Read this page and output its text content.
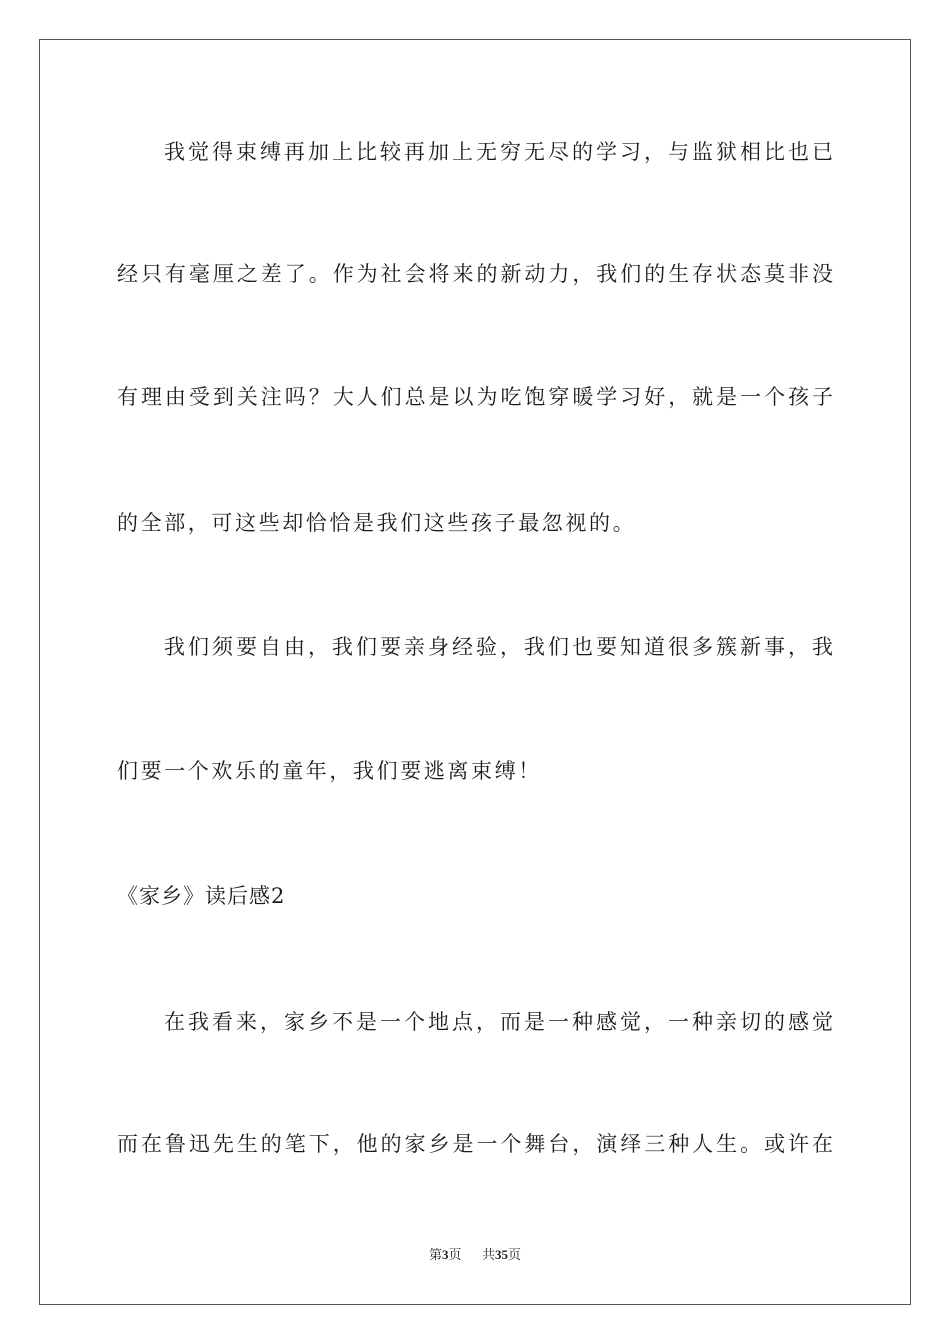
我觉得束缚再加上比较再加上无穷无尽的学习，与监狱相比也已
经只有毫厘之差了。作为社会将来的新动力，我们的生存状态莫非没
有理由受到关注吗？大人们总是以为吃饱穿暖学习好，就是一个孩子
的全部，可这些却恰恰是我们这些孩子最忽视的。
我们须要自由，我们要亲身经验，我们也要知道很多簇新事，我
们要一个欢乐的童年，我们要逃离束缚！
《家乡》读后感2
在我看来，家乡不是一个地点，而是一种感觉，一种亲切的感觉
而在鲁迅先生的笔下，他的家乡是一个舞台，演绎三种人生。或许在
第3页 共35页
